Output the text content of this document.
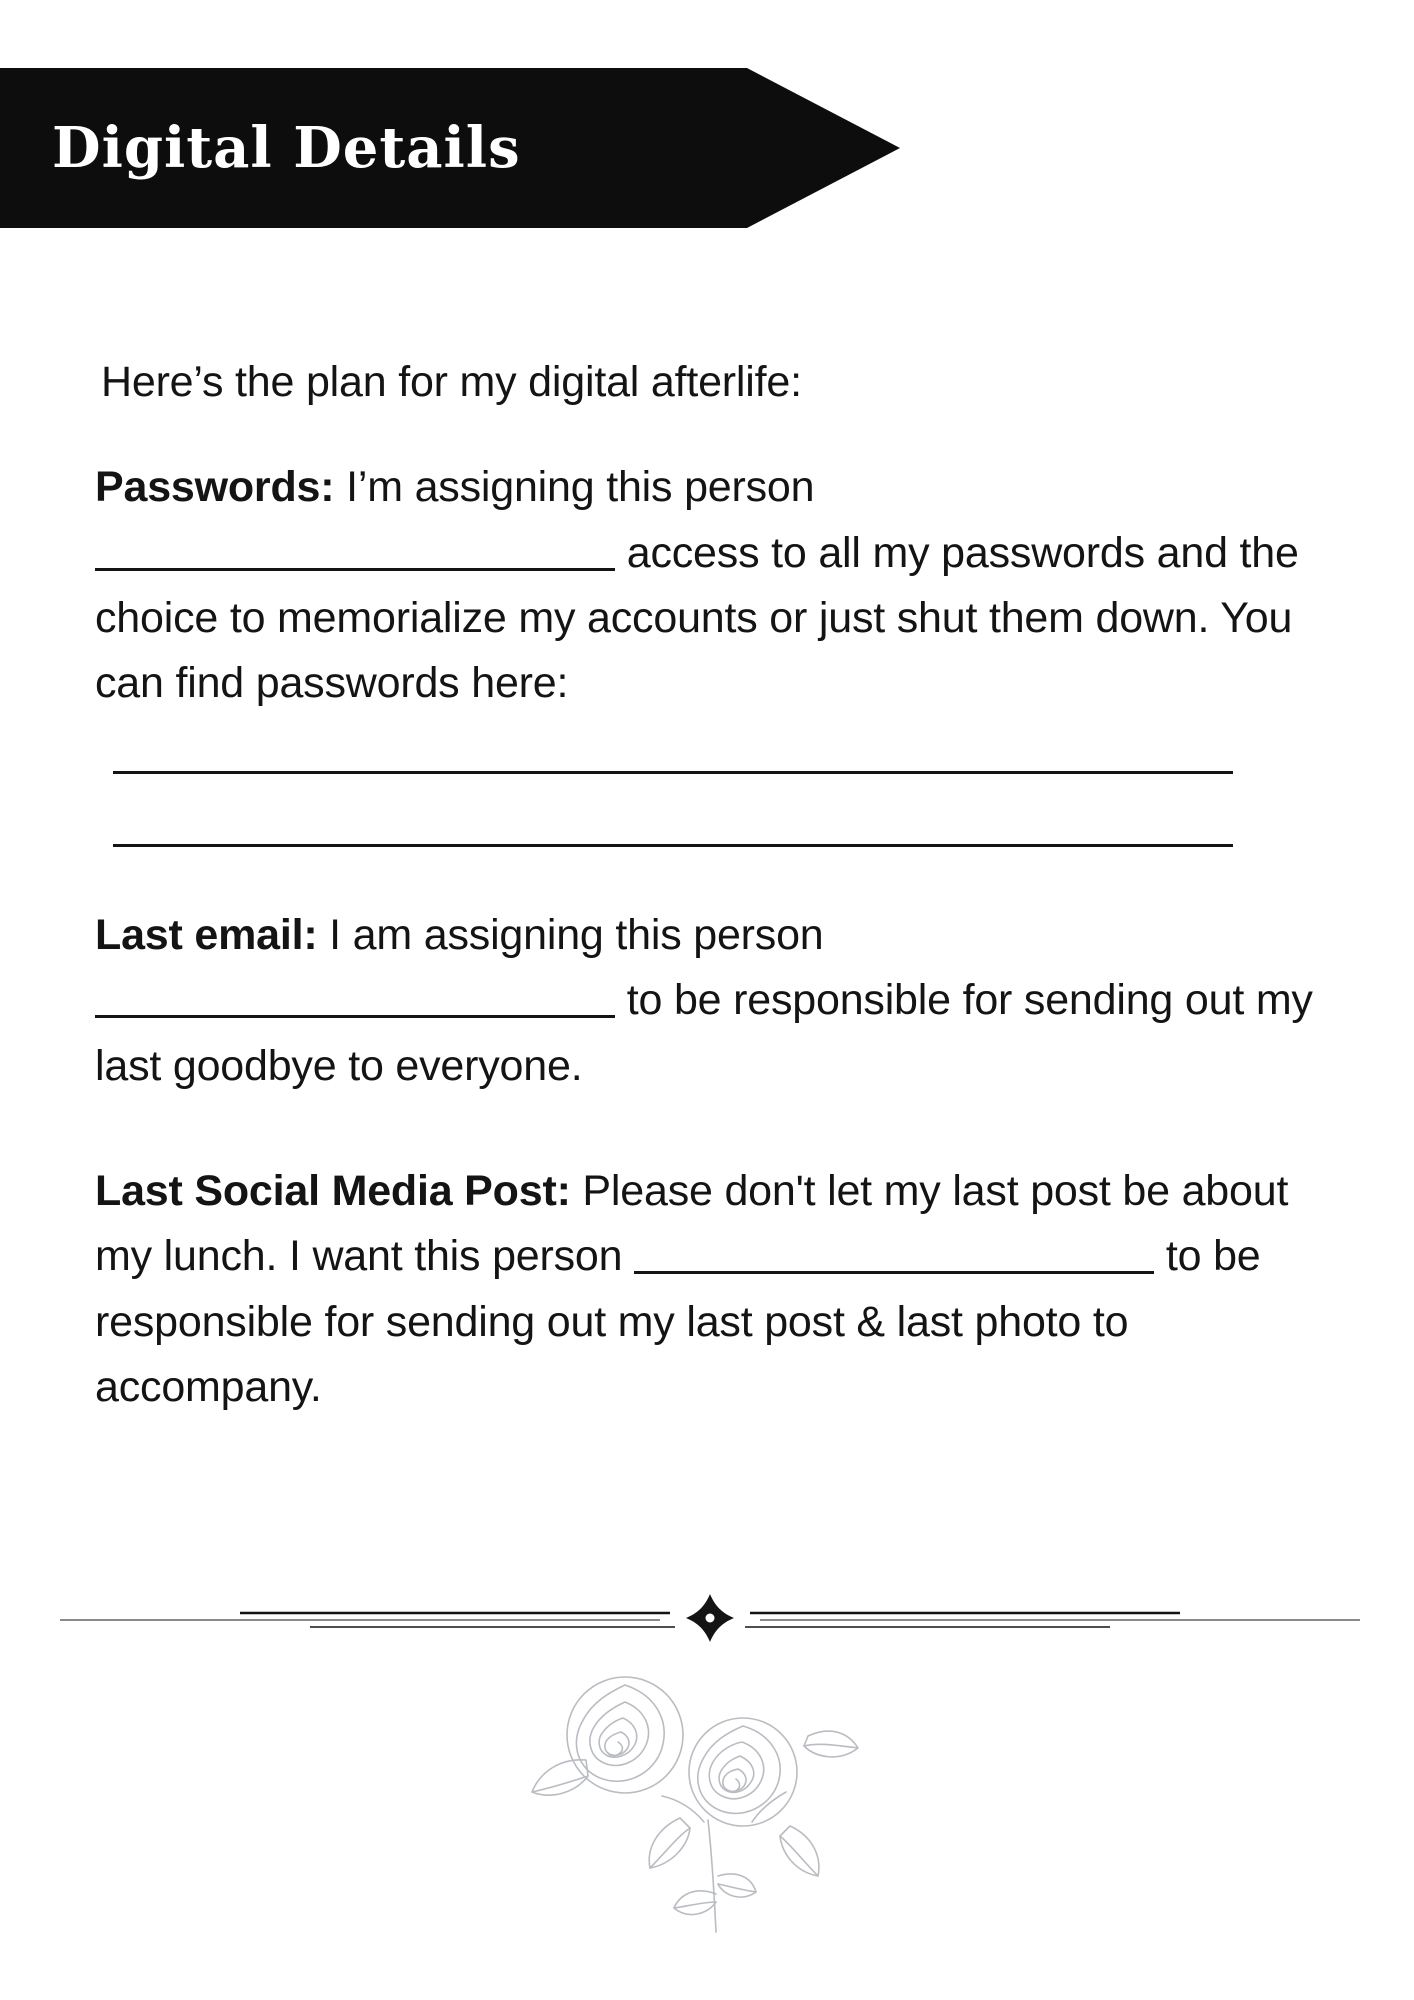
Digital Details

Here’s the plan for my digital afterlife:

Passwords: I’m assigning this person  access to all my passwords and the choice to memorialize my accounts or just shut them down. You can find passwords here:

Last email: I am assigning this person  to be responsible for sending out my last goodbye to everyone.

Last Social Media Post: Please don't let my last post be about my lunch. I want this person	to be responsible for sending out my last post & last photo to accompany.
